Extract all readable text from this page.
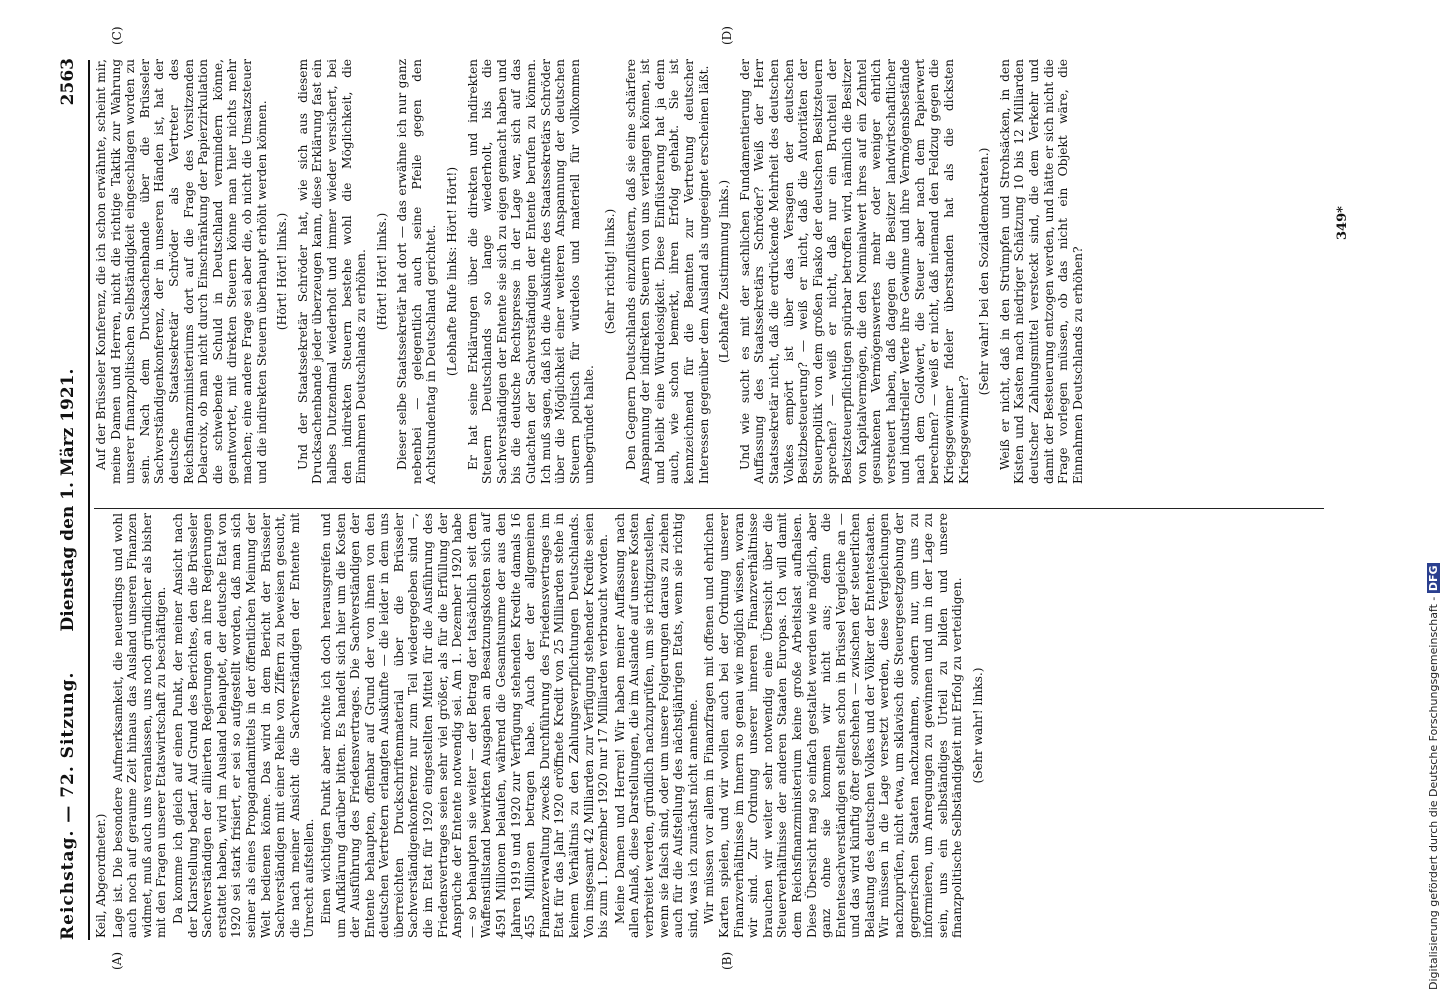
Reichstag. — 72. Sitzung.
Dienstag den 1. März 1921.
2563
(A)	(B)
(C)	(D)

Keil, Abgeordneter.) Lage ist. Die besondere Aufmerksamkeit, die neuerdings und wohl auch noch auf geraume Zeit hinaus das Ausland unseren Finanzen widmet, muß auch uns veranlassen, uns noch gründlicher als bisher mit den Fragen unserer Etatswirtschaft zu beschäftigen. Da komme ich gleich auf einen Punkt, der meiner Ansicht nach der Klarstellung bedarf. Auf Grund des Berichtes, den die Brüsseler Sachverständigen der alliierten Regierungen an ihre Regierungen erstattet haben, wird im Ausland behauptet, der deutsche Etat von 1920 sei stark frisiert, er sei so aufgestellt worden, daß man sich seiner als eines Propagandamittels in der öffentlichen Meinung der Welt bedienen könne. Das wird in dem Bericht der Brüsseler Sachverständigen mit einer Reihe von Ziffern zu beweisen gesucht, die nach meiner Ansicht die Sachverständigen der Entente mit Unrecht aufstellen. Einen wichtigen Punkt aber möchte ich doch herausgreifen und um Aufklärung darüber bitten. Es handelt sich hier um die Kosten der Ausführung des Friedensvertrages. Die Sachverständigen der Entente behaupten, offenbar auf Grund der von ihnen von den deutschen Vertretern erlangten Auskünfte — die leider in dem uns überreichten Druckschriftenmaterial über die Brüsseler Sachverständigenkonferenz nur zum Teil wiedergegeben sind —, die im Etat für 1920 eingestellten Mittel für die Ausführung des Friedensvertrages seien sehr viel größer, als für die Erfüllung der Ansprüche der Entente notwendig sei. Am 1. Dezember 1920 habe — so behaupten sie weiter — der Betrag der tatsächlich seit dem Waffenstillstand bewirkten Ausgaben an Besatzungskosten sich auf 4591 Millionen belaufen, während die Gesamtsumme der aus den Jahren 1919 und 1920 zur Verfügung stehenden Kredite damals 16 455 Millionen betragen habe. Auch der der allgemeinen Finanzverwaltung zwecks Durchführung des Friedensvertrages im Etat für das Jahr 1920 eröffnete Kredit von 25 Milliarden stehe in keinem Verhältnis zu den Zahlungsverpflichtungen Deutschlands. Von insgesamt 42 Milliarden zur Verfügung stehender Kredite seien bis zum 1. Dezember 1920 nur 17 Milliarden verbraucht worden. Meine Damen und Herren! Wir haben meiner Auffassung nach allen Anlaß, diese Darstellungen, die im Auslande auf unsere Kosten verbreitet werden, gründlich nachzuprüfen, um sie richtigzustellen, wenn sie falsch sind, oder um unsere Folgerungen daraus zu ziehen auch für die Aufstellung des nächstjährigen Etats, wenn sie richtig sind, was ich zunächst nicht annehme. Wir müssen vor allem in Finanzfragen mit offenen und ehrlichen Karten spielen, und wir wollen auch bei der Ordnung unserer Finanzverhältnisse im Innern so genau wie möglich wissen, woran wir sind. Zur Ordnung unserer inneren Finanzverhältnisse brauchen wir weiter sehr notwendig eine Übersicht über die Steuerverhältnisse der anderen Staaten Europas. Ich will damit dem Reichsfinanzministerium keine große Arbeitslast aufhalsen. Diese Übersicht mag so einfach gestaltet werden wie möglich, aber ganz ohne sie kommen wir nicht aus; denn die Ententesachverständigen stellten schon in Brüssel Vergleiche an — und das wird künftig öfter geschehen — zwischen der steuerlichen Belastung des deutschen Volkes und der Völker der Ententestaaten. Wir müssen in die Lage versetzt werden, diese Vergleichungen nachzuprüfen, nicht etwa, um sklavisch die Steuergesetzgebung der gegnerischen Staaten nachzuahmen, sondern nur, um uns zu informieren, um Anregungen zu gewinnen und um in der Lage zu sein, uns ein selbständiges Urteil zu bilden und unsere finanzpolitische Selbständigkeit mit Erfolg zu verteidigen. (Sehr wahr! links.)

Auf der Brüsseler Konferenz, die ich schon erwähnte, scheint mir, meine Damen und Herren, nicht die richtige Taktik zur Wahrung unserer finanzpolitischen Selbständigkeit eingeschlagen worden zu sein. Nach dem Drucksachenbande über die Brüsseler Sachverständigenkonferenz, der in unseren Händen ist, hat der deutsche Staatssekretär Schröder als Vertreter des Reichsfinanzministeriums dort auf die Frage des Vorsitzenden Delacroix, ob man nicht durch Einschränkung der Papierzirkulation die schwebende Schuld in Deutschland vermindern könne, geantwortet, mit direkten Steuern könne man hier nichts mehr machen; eine andere Frage sei aber die, ob nicht die Umsatzsteuer und die indirekten Steuern überhaupt erhöht werden können. (Hört! Hört! links.) Und der Staatssekretär Schröder hat, wie sich aus diesem Drucksachenbande jeder überzeugen kann, diese Erklärung fast ein halbes Dutzendmal wiederholt und immer wieder versichert, bei den indirekten Steuern bestehe wohl die Möglichkeit, die Einnahmen Deutschlands zu erhöhen. (Hört! Hört! links.) Dieser selbe Staatssekretär hat dort — das erwähne ich nur ganz nebenbei — gelegentlich auch seine Pfeile gegen den Achtstundentag in Deutschland gerichtet. (Lebhafte Rufe links: Hört! Hört!) Er hat seine Erklärungen über die direkten und indirekten Steuern Deutschlands so lange wiederholt, bis die Sachverständigen der Entente sie sich zu eigen gemacht haben und bis die deutsche Rechtspresse in der Lage war, sich auf das Gutachten der Sachverständigen der Entente berufen zu können. Ich muß sagen, daß ich die Auskünfte des Staatssekretärs Schröder über die Möglichkeit einer weiteren Anspannung der deutschen Steuern politisch für würdelos und materiell für vollkommen unbegründet halte.

(Sehr richtig! links.) Den Gegnern Deutschlands einzuflüstern, daß sie eine schärfere Anspannung der indirekten Steuern von uns verlangen können, ist und bleibt eine Würdelosigkeit. Diese Einflüsterung hat ja denn auch, wie schon bemerkt, ihren Erfolg gehabt. Sie ist kennzeichnend für die Beamten zur Vertretung deutscher Interessen gegenüber dem Ausland als ungeeignet erscheinen läßt. (Lebhafte Zustimmung links.) Und wie sucht es mit der sachlichen Fundamentierung der Auffassung des Staatssekretärs Schröder? Weiß der Herr Staatssekretär nicht, daß die erdrückende Mehrheit des deutschen Volkes empört ist über das Versagen der deutschen Besitzbesteuerung? — weiß er nicht, daß die Autoritäten der Steuerpolitik von dem großen Fiasko der deutschen Besitzsteuern sprechen? — weiß er nicht, daß nur ein Bruchteil der Besitzsteuerpflichtigen spürbar betroffen wird, nämlich die Besitzer von Kapitalvermögen, die den Nominalwert ihres auf ein Zehntel gesunkenen Vermögenswertes mehr oder weniger ehrlich versteuert haben, daß dagegen die Besitzer landwirtschaftlicher und industrieller Werte ihre Gewinne und ihre Vermögensbestände nach dem Goldwert, die Steuer aber nach dem Papierwert berechnen? — weiß er nicht, daß niemand den Feldzug gegen die Kriegsgewinner fideler überstanden hat als die dicksten Kriegsgewinnler?

(Sehr wahr! bei den Sozialdemokraten.) Weiß er nicht, daß in den Strümpfen und Strohsäcken, in den Kisten und Kasten nach niedriger Schätzung 10 bis 12 Milliarden deutscher Zahlungsmittel versteckt sind, die dem Verkehr und damit der Besteuerung entzogen werden, und hätte er sich nicht die Frage vorlegen müssen, ob das nicht ein Objekt wäre, die Einnahmen Deutschlands zu erhöhen?

349*
Digitalisierung gefördert durch die Deutsche Forschungsgemeinschaft - DFG
